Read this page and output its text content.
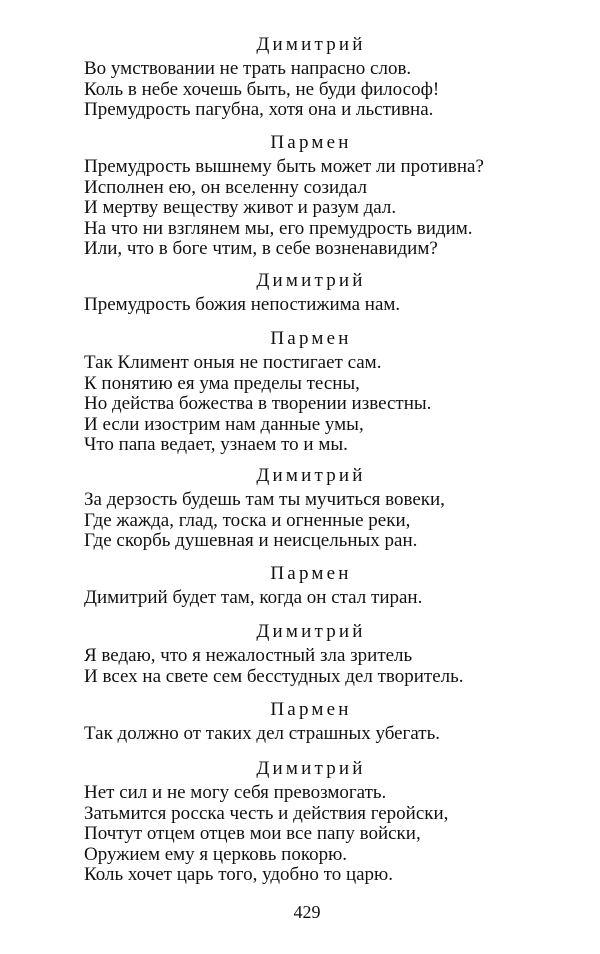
Димитрий
Во умствовании не трать напрасно слов.
Коль в небе хочешь быть, не буди философ!
Премудрость пагубна, хотя она и льстивна.
Пармен
Премудрость вышнему быть может ли противна?
Исполнен ею, он вселенну созидал
И мертву веществу живот и разум дал.
На что ни взглянем мы, его премудрость видим.
Или, что в боге чтим, в себе возненавидим?
Димитрий
Премудрость божия непостижима нам.
Пармен
Так Климент оныя не постигает сам.
К понятию ея ума пределы тесны,
Но действа божества в творении известны.
И если изострим нам данные умы,
Что папа ведает, узнаем то и мы.
Димитрий
За дерзость будешь там ты мучиться вовеки,
Где жажда, глад, тоска и огненные реки,
Где скорбь душевная и неисцельных ран.
Пармен
Димитрий будет там, когда он стал тиран.
Димитрий
Я ведаю, что я нежалостный зла зритель
И всех на свете сем бесстудных дел творитель.
Пармен
Так должно от таких дел страшных убегать.
Димитрий
Нет сил и не могу себя превозмогать.
Затьмится росска честь и действия геройски,
Почтут отцем отцев мои все папу войски,
Оружием ему я церковь покорю.
Коль хочет царь того, удобно то царю.
429
